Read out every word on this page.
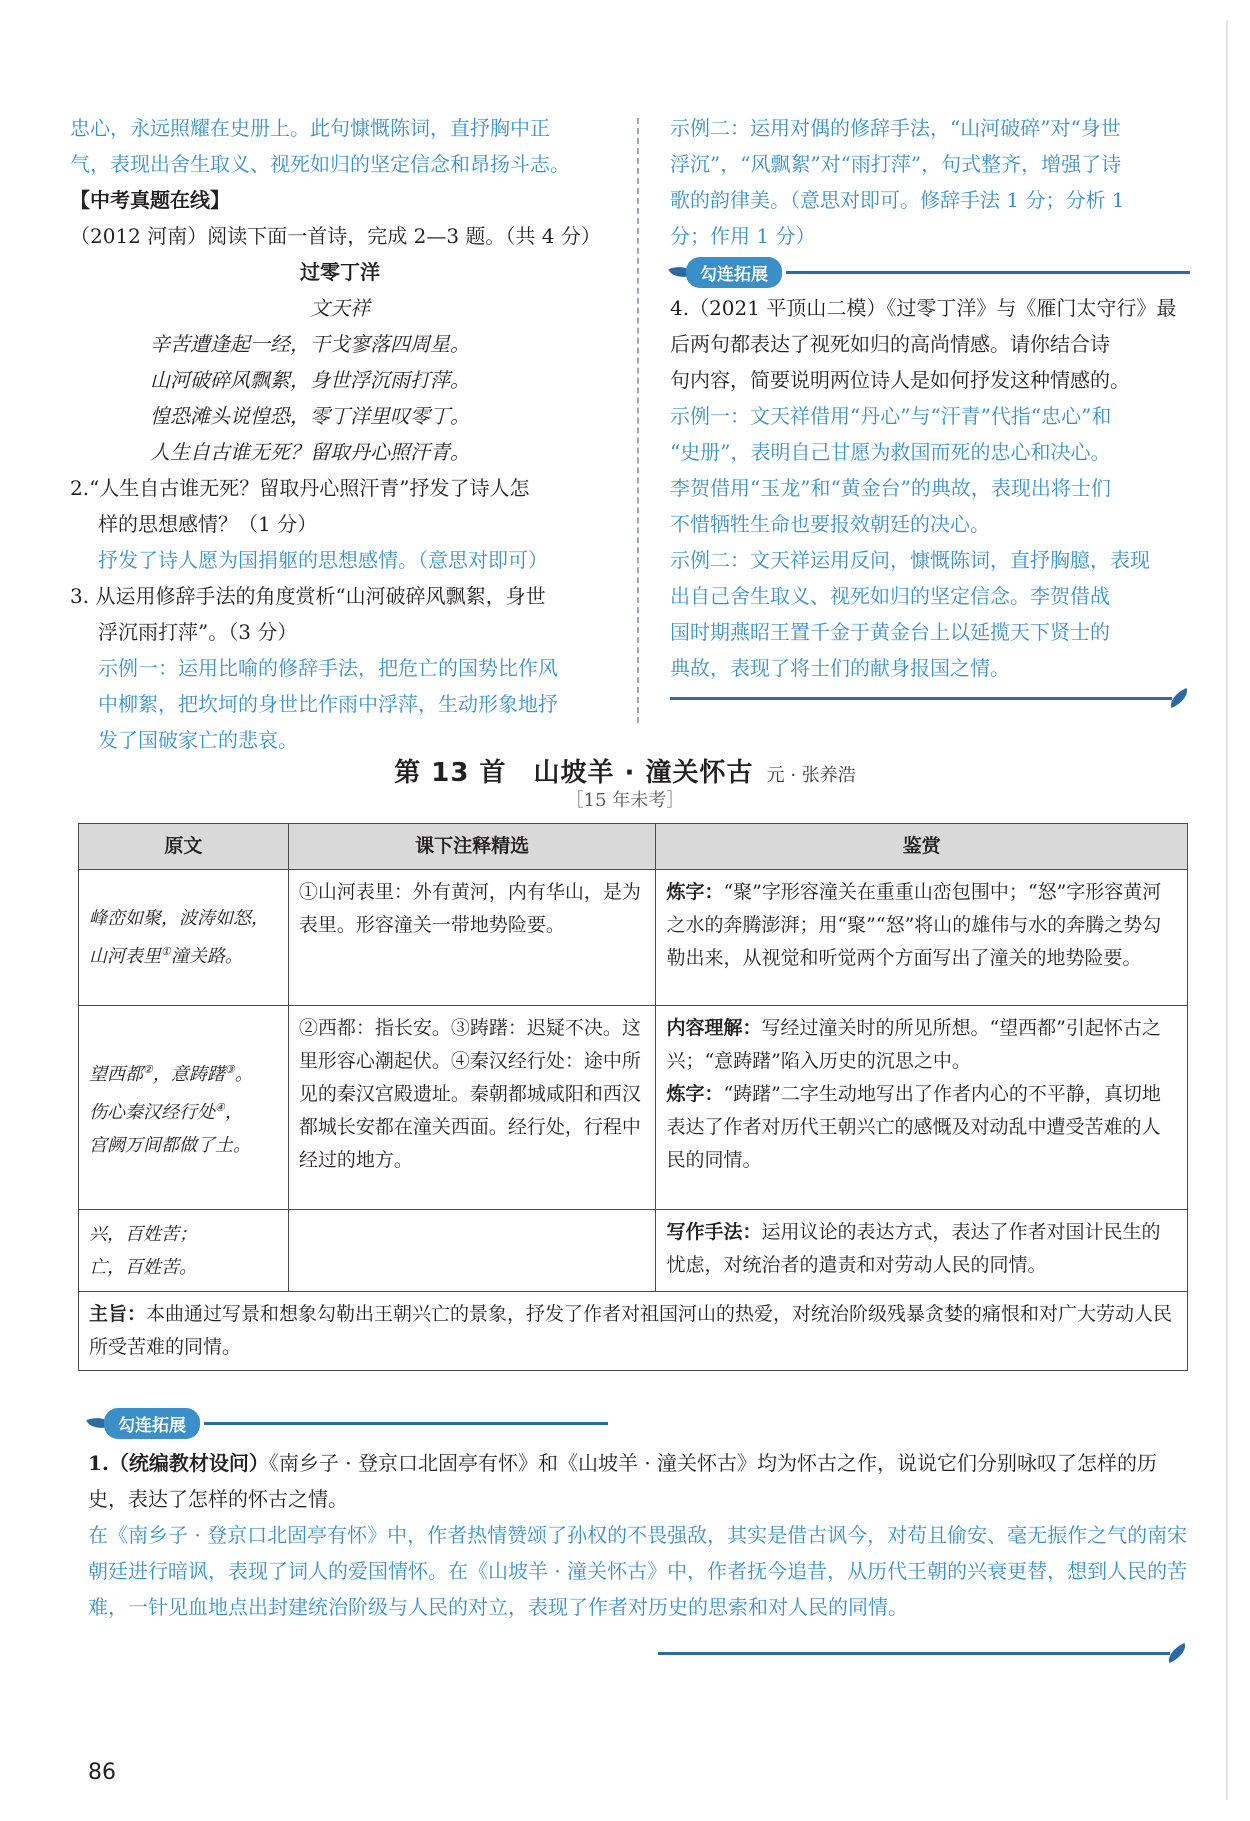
忠心，永远照耀在史册上。此句慷慨陈词，直抒胸中正
气，表现出舍生取义、视死如归的坚定信念和昂扬斗志。
【中考真题在线】
（2012 河南）阅读下面一首诗，完成 2—3 题。（共 4 分）
过零丁洋
文天祥
辛苦遭逢起一经，干戈寥落四周星。
山河破碎风飘絮，身世浮沉雨打萍。
惶恐滩头说惶恐，零丁洋里叹零丁。
人生自古谁无死？留取丹心照汗青。
2.“人生自古谁无死？留取丹心照汗青”抒发了诗人怎
样的思想感情？（1 分）
抒发了诗人愿为国捐躯的思想感情。（意思对即可）
3. 从运用修辞手法的角度赏析“山河破碎风飘絮，身世
浮沉雨打萍”。（3 分）
示例一：运用比喻的修辞手法，把危亡的国势比作风
中柳絮，把坎坷的身世比作雨中浮萍，生动形象地抒
发了国破家亡的悲哀。
示例二：运用对偶的修辞手法，“山河破碎”对“身世
浮沉”，“风飘絮”对“雨打萍”，句式整齐，增强了诗
歌的韵律美。（意思对即可。修辞手法 1 分；分析 1
分；作用 1 分）
勾连拓展
4.（2021 平顶山二模）《过零丁洋》与《雁门太守行》最
后两句都表达了视死如归的高尚情感。请你结合诗
句内容，简要说明两位诗人是如何抒发这种情感的。
示例一：文天祥借用“丹心”与“汗青”代指“忠心”和
“史册”，表明自己甘愿为救国而死的忠心和决心。
李贺借用“玉龙”和“黄金台”的典故，表现出将士们
不惜牺牲生命也要报效朝廷的决心。
示例二：文天祥运用反问，慷慨陈词，直抒胸臆，表现
出自己舍生取义、视死如归的坚定信念。李贺借战
国时期燕昭王置千金于黄金台上以延揽天下贤士的
典故，表现了将士们的献身报国之情。
第 13 首　山坡羊 · 潼关怀古 元 · 张养浩
［15 年未考］
原文	课下注释精选	鉴赏
峰峦如聚，波涛如怒，
山河表里①潼关路。	①山河表里：外有黄河，内有华山，是为表里。形容潼关一带地势险要。	炼字：“聚”字形容潼关在重重山峦包围中；“怒”字形容黄河之水的奔腾澎湃；用“聚”“怒”将山的雄伟与水的奔腾之势勾勒出来，从视觉和听觉两个方面写出了潼关的地势险要。
望西都②，意踌躇③。
伤心秦汉经行处④，
宫阙万间都做了土。	②西都：指长安。③踌躇：迟疑不决。这里形容心潮起伏。④秦汉经行处：途中所见的秦汉宫殿遗址。秦朝都城咸阳和西汉都城长安都在潼关西面。经行处，行程中经过的地方。	内容理解：写经过潼关时的所见所想。“望西都”引起怀古之兴；“意踌躇”陷入历史的沉思之中。
炼字：“踌躇”二字生动地写出了作者内心的不平静，真切地表达了作者对历代王朝兴亡的感慨及对动乱中遭受苦难的人民的同情。
兴，百姓苦；
亡，百姓苦。		写作手法：运用议论的表达方式，表达了作者对国计民生的忧虑，对统治者的遣责和对劳动人民的同情。
主旨：本曲通过写景和想象勾勒出王朝兴亡的景象，抒发了作者对祖国河山的热爱，对统治阶级残暴贪婪的痛恨和对广大劳动人民所受苦难的同情。		
勾连拓展
1.（统编教材设问）《南乡子 · 登京口北固亭有怀》和《山坡羊 · 潼关怀古》均为怀古之作，说说它们分别咏叹了怎样的历史，表达了怎样的怀古之情。
在《南乡子 · 登京口北固亭有怀》中，作者热情赞颂了孙权的不畏强敌，其实是借古讽今，对苟且偷安、毫无振作之气的南宋朝廷进行暗讽，表现了词人的爱国情怀。在《山坡羊 · 潼关怀古》中，作者抚今追昔，从历代王朝的兴衰更替，想到人民的苦难，一针见血地点出封建统治阶级与人民的对立，表现了作者对历史的思索和对人民的同情。
86
